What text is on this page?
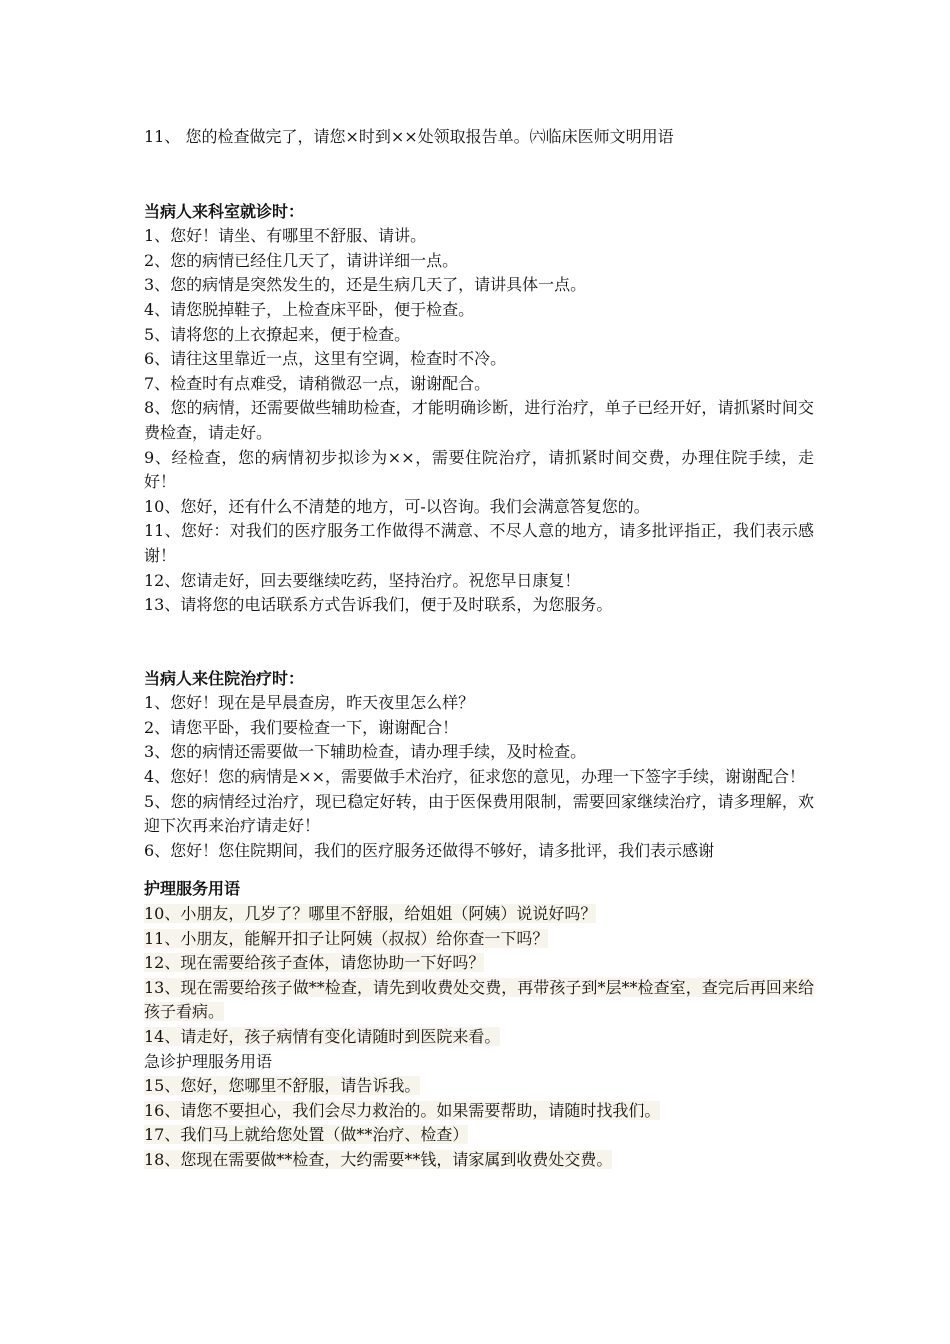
11、 您的检查做完了，请您×时到××处领取报告单。㈥临床医师文明用语

当病人来科室就诊时：

1、您好！请坐、有哪里不舒服、请讲。

2、您的病情已经住几天了，请讲详细一点。

3、您的病情是突然发生的，还是生病几天了，请讲具体一点。

4、请您脱掉鞋子，上检查床平卧，便于检查。

5、请将您的上衣撩起来，便于检查。

6、请往这里靠近一点，这里有空调，检查时不冷。

7、检查时有点难受，请稍微忍一点，谢谢配合。

8、您的病情，还需要做些辅助检查，才能明确诊断，进行治疗，单子已经开好，请抓紧时间交费检查，请走好。

9、经检查，您的病情初步拟诊为××，需要住院治疗，请抓紧时间交费，办理住院手续，走好！

10、您好，还有什么不清楚的地方，可-以咨询。我们会满意答复您的。

11、您好：对我们的医疗服务工作做得不满意、不尽人意的地方，请多批评指正，我们表示感谢！

12、您请走好，回去要继续吃药，坚持治疗。祝您早日康复！

13、请将您的电话联系方式告诉我们，便于及时联系，为您服务。

当病人来住院治疗时：

1、您好！现在是早晨查房，昨天夜里怎么样？

2、请您平卧，我们要检查一下，谢谢配合！

3、您的病情还需要做一下辅助检查，请办理手续，及时检查。

4、您好！您的病情是××，需要做手术治疗，征求您的意见，办理一下签字手续，谢谢配合！

5、您的病情经过治疗，现已稳定好转，由于医保费用限制，需要回家继续治疗，请多理解，欢迎下次再来治疗请走好！

6、您好！您住院期间，我们的医疗服务还做得不够好，请多批评，我们表示感谢

护理服务用语

10、小朋友，几岁了？哪里不舒服，给姐姐（阿姨）说说好吗？

11、小朋友，能解开扣子让阿姨（叔叔）给你查一下吗？

12、现在需要给孩子查体，请您协助一下好吗？

13、现在需要给孩子做**检查，请先到收费处交费，再带孩子到*层**检查室，查完后再回来给孩子看病。

14、请走好，孩子病情有变化请随时到医院来看。

急诊护理服务用语

15、您好，您哪里不舒服，请告诉我。

16、请您不要担心，我们会尽力救治的。如果需要帮助，请随时找我们。

17、我们马上就给您处置（做**治疗、检查）

18、您现在需要做**检查，大约需要**钱，请家属到收费处交费。
